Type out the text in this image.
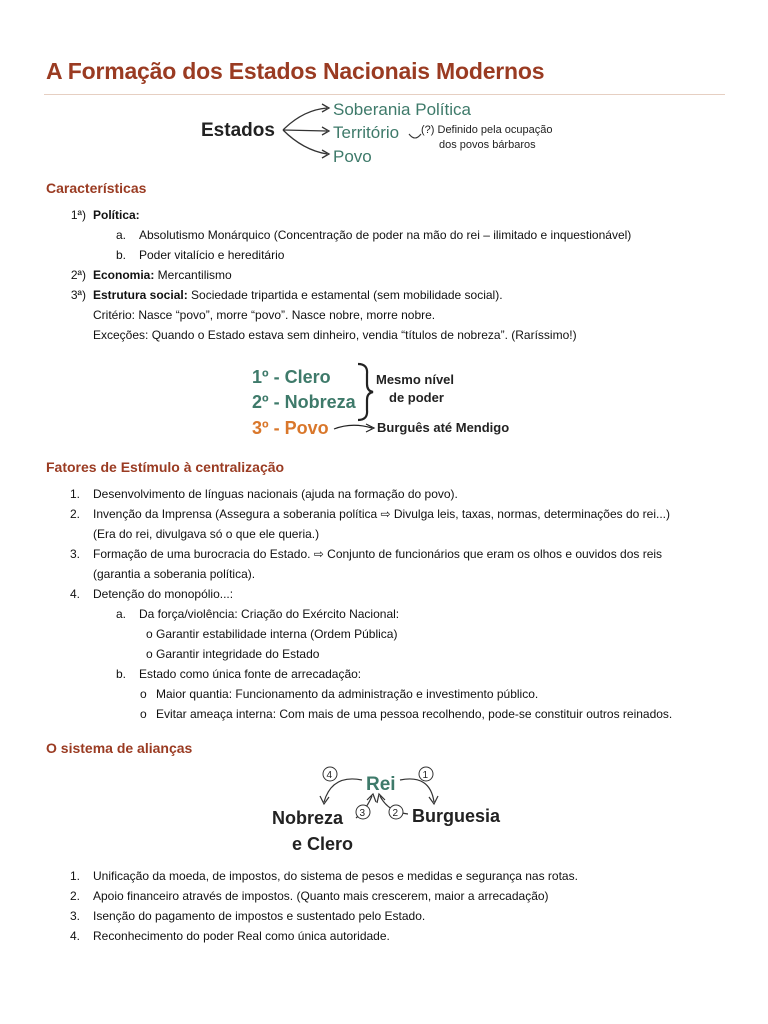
A Formação dos Estados Nacionais Modernos
Estados
Soberania Política
Território
Povo
(?) Definido pela ocupação
dos povos bárbaros
Características
1ª) Política:
a. Absolutismo Monárquico (Concentração de poder na mão do rei – ilimitado e inquestionável)
b. Poder vitalício e hereditário
2ª) Economia: Mercantilismo
3ª) Estrutura social: Sociedade tripartida e estamental (sem mobilidade social).
Critério: Nasce “povo”, morre “povo”. Nasce nobre, morre nobre.
Exceções: Quando o Estado estava sem dinheiro, vendia “títulos de nobreza”. (Raríssimo!)
1º - Clero
2º - Nobreza
3º - Povo
Mesmo nível
de poder
Burguês até Mendigo
Fatores de Estímulo à centralização
1. Desenvolvimento de línguas nacionais (ajuda na formação do povo).
2. Invenção da Imprensa (Assegura a soberania política ⇨ Divulga leis, taxas, normas, determinações do rei...)
(Era do rei, divulgava só o que ele queria.)
3. Formação de uma burocracia do Estado. ⇨ Conjunto de funcionários que eram os olhos e ouvidos dos reis
(garantia a soberania política).
4. Detenção do monopólio...:
a. Da força/violência: Criação do Exército Nacional:
o Garantir estabilidade interna (Ordem Pública)
o Garantir integridade do Estado
b. Estado como única fonte de arrecadação:
o Maior quantia: Funcionamento da administração e investimento público.
o Evitar ameaça interna: Com mais de uma pessoa recolhendo, pode-se constituir outros reinados.
O sistema de alianças
Rei
Nobreza
e Clero
Burguesia
4	1
3	2
1. Unificação da moeda, de impostos, do sistema de pesos e medidas e segurança nas rotas.
2. Apoio financeiro através de impostos. (Quanto mais crescerem, maior a arrecadação)
3. Isenção do pagamento de impostos e sustentado pelo Estado.
4. Reconhecimento do poder Real como única autoridade.
